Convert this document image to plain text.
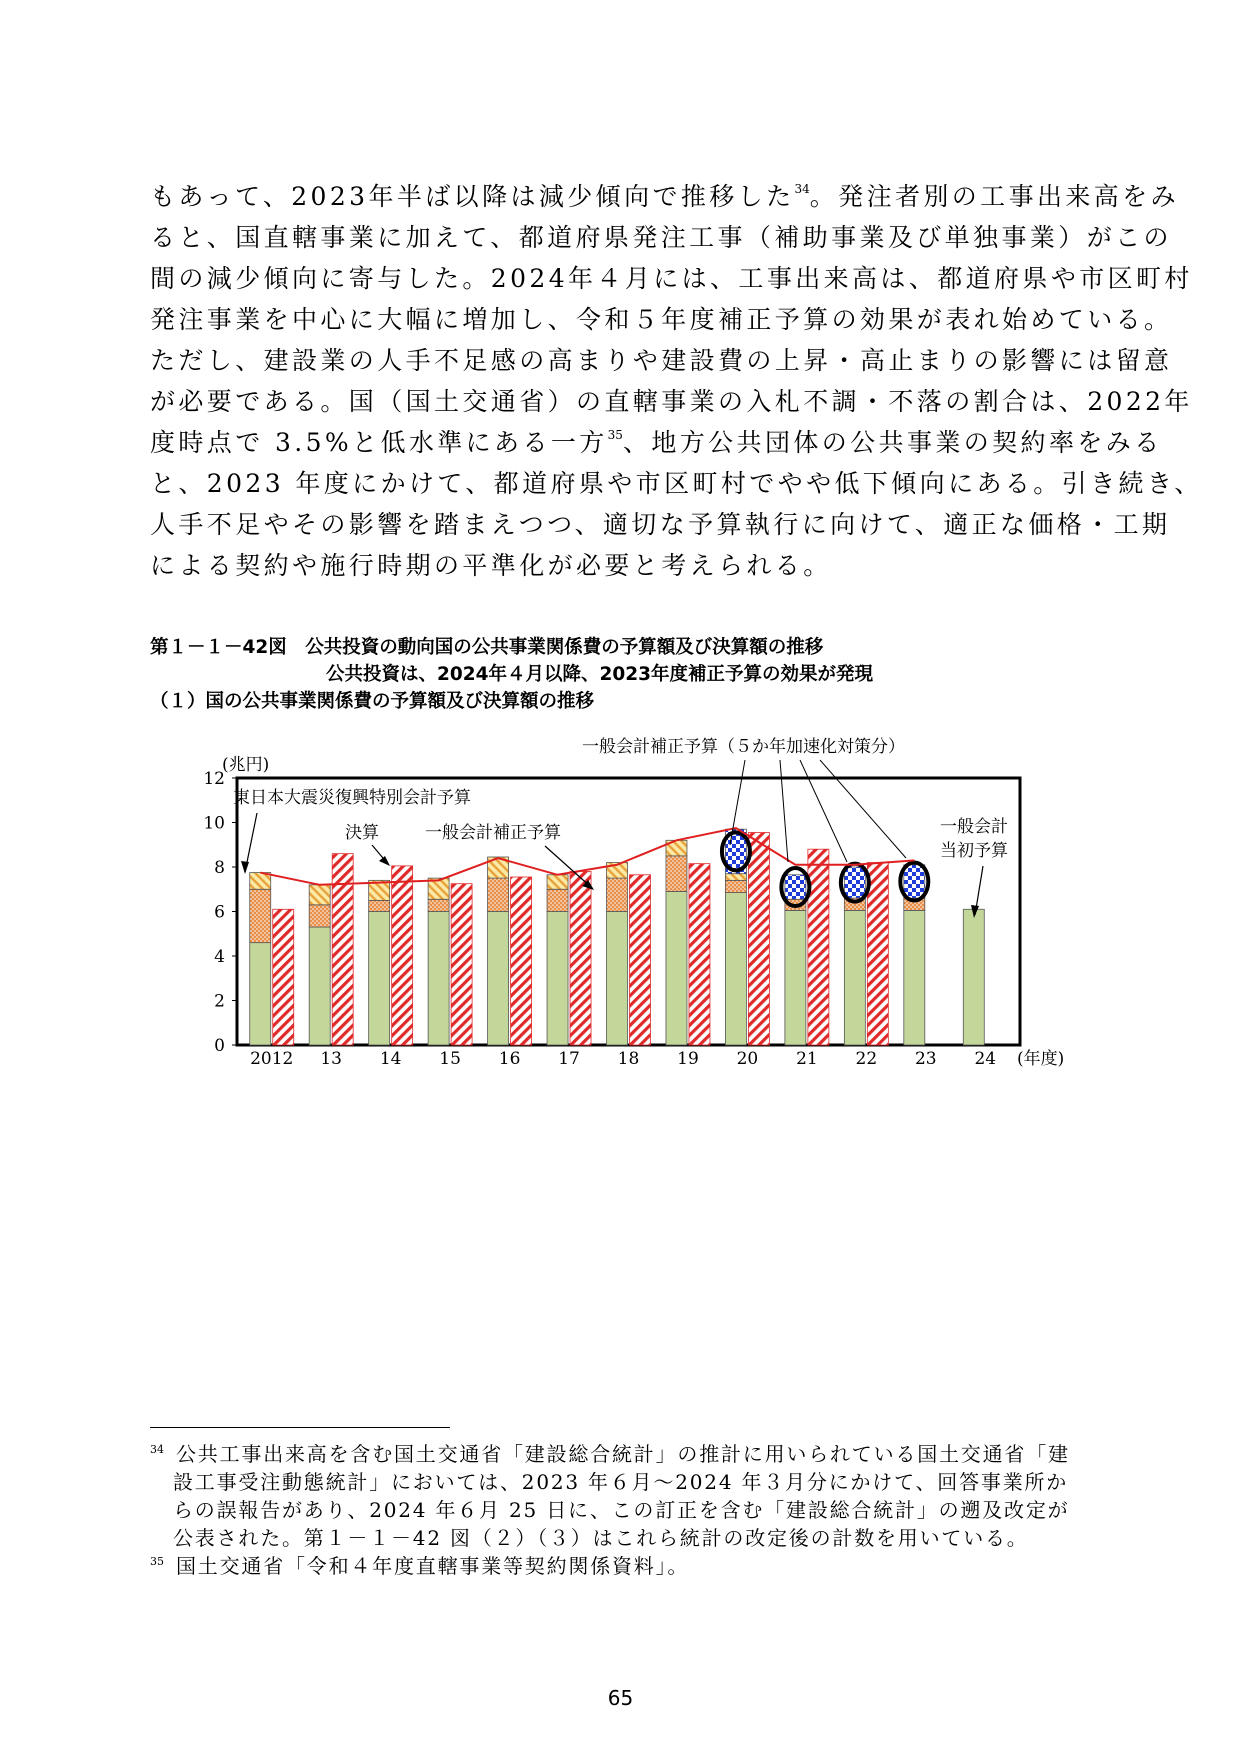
もあって、2023年半ば以降は減少傾向で推移した$^{34}$。発注者別の工事出来高をみ
ると、国直轄事業に加えて、都道府県発注工事（補助事業及び単独事業）がこの
間の減少傾向に寄与した。2024年４月には、工事出来高は、都道府県や市区町村
発注事業を中心に大幅に増加し、令和５年度補正予算の効果が表れ始めている。
ただし、建設業の人手不足感の高まりや建設費の上昇・高止まりの影響には留意
が必要である。国（国土交通省）の直轄事業の入札不調・不落の割合は、2022年
度時点で 3.5%と低水準にある一方$^{35}$、地方公共団体の公共事業の契約率をみる
と、2023 年度にかけて、都道府県や市区町村でやや低下傾向にある。引き続き、
人手不足やその影響を踏まえつつ、適切な予算執行に向けて、適正な価格・工期
による契約や施行時期の平準化が必要と考えられる。
第１－１－42図　公共投資の動向国の公共事業関係費の予算額及び決算額の推移
公共投資は、2024年４月以降、2023年度補正予算の効果が発現
（１）国の公共事業関係費の予算額及び決算額の推移
(兆円)
0
2
4
6
8
10
12
2012 13 14 15 16 17 18 19 20 21 22 23 24 (年度)
東日本大震災復興特別会計予算
決算	一般会計補正予算
一般会計補正予算（５か年加速化対策分）
一般会計
当初予算
$^{34}$ 公共工事出来高を含む国土交通省「建設総合統計」の推計に用いられている国土交通省「建
設工事受注動態統計」においては、2023 年６月～2024 年３月分にかけて、回答事業所か
らの誤報告があり、2024 年６月 25 日に、この訂正を含む「建設総合統計」の遡及改定が
公表された。第１－１－42 図（２）（３）はこれら統計の改定後の計数を用いている。
$^{35}$ 国土交通省「令和４年度直轄事業等契約関係資料」。
65
